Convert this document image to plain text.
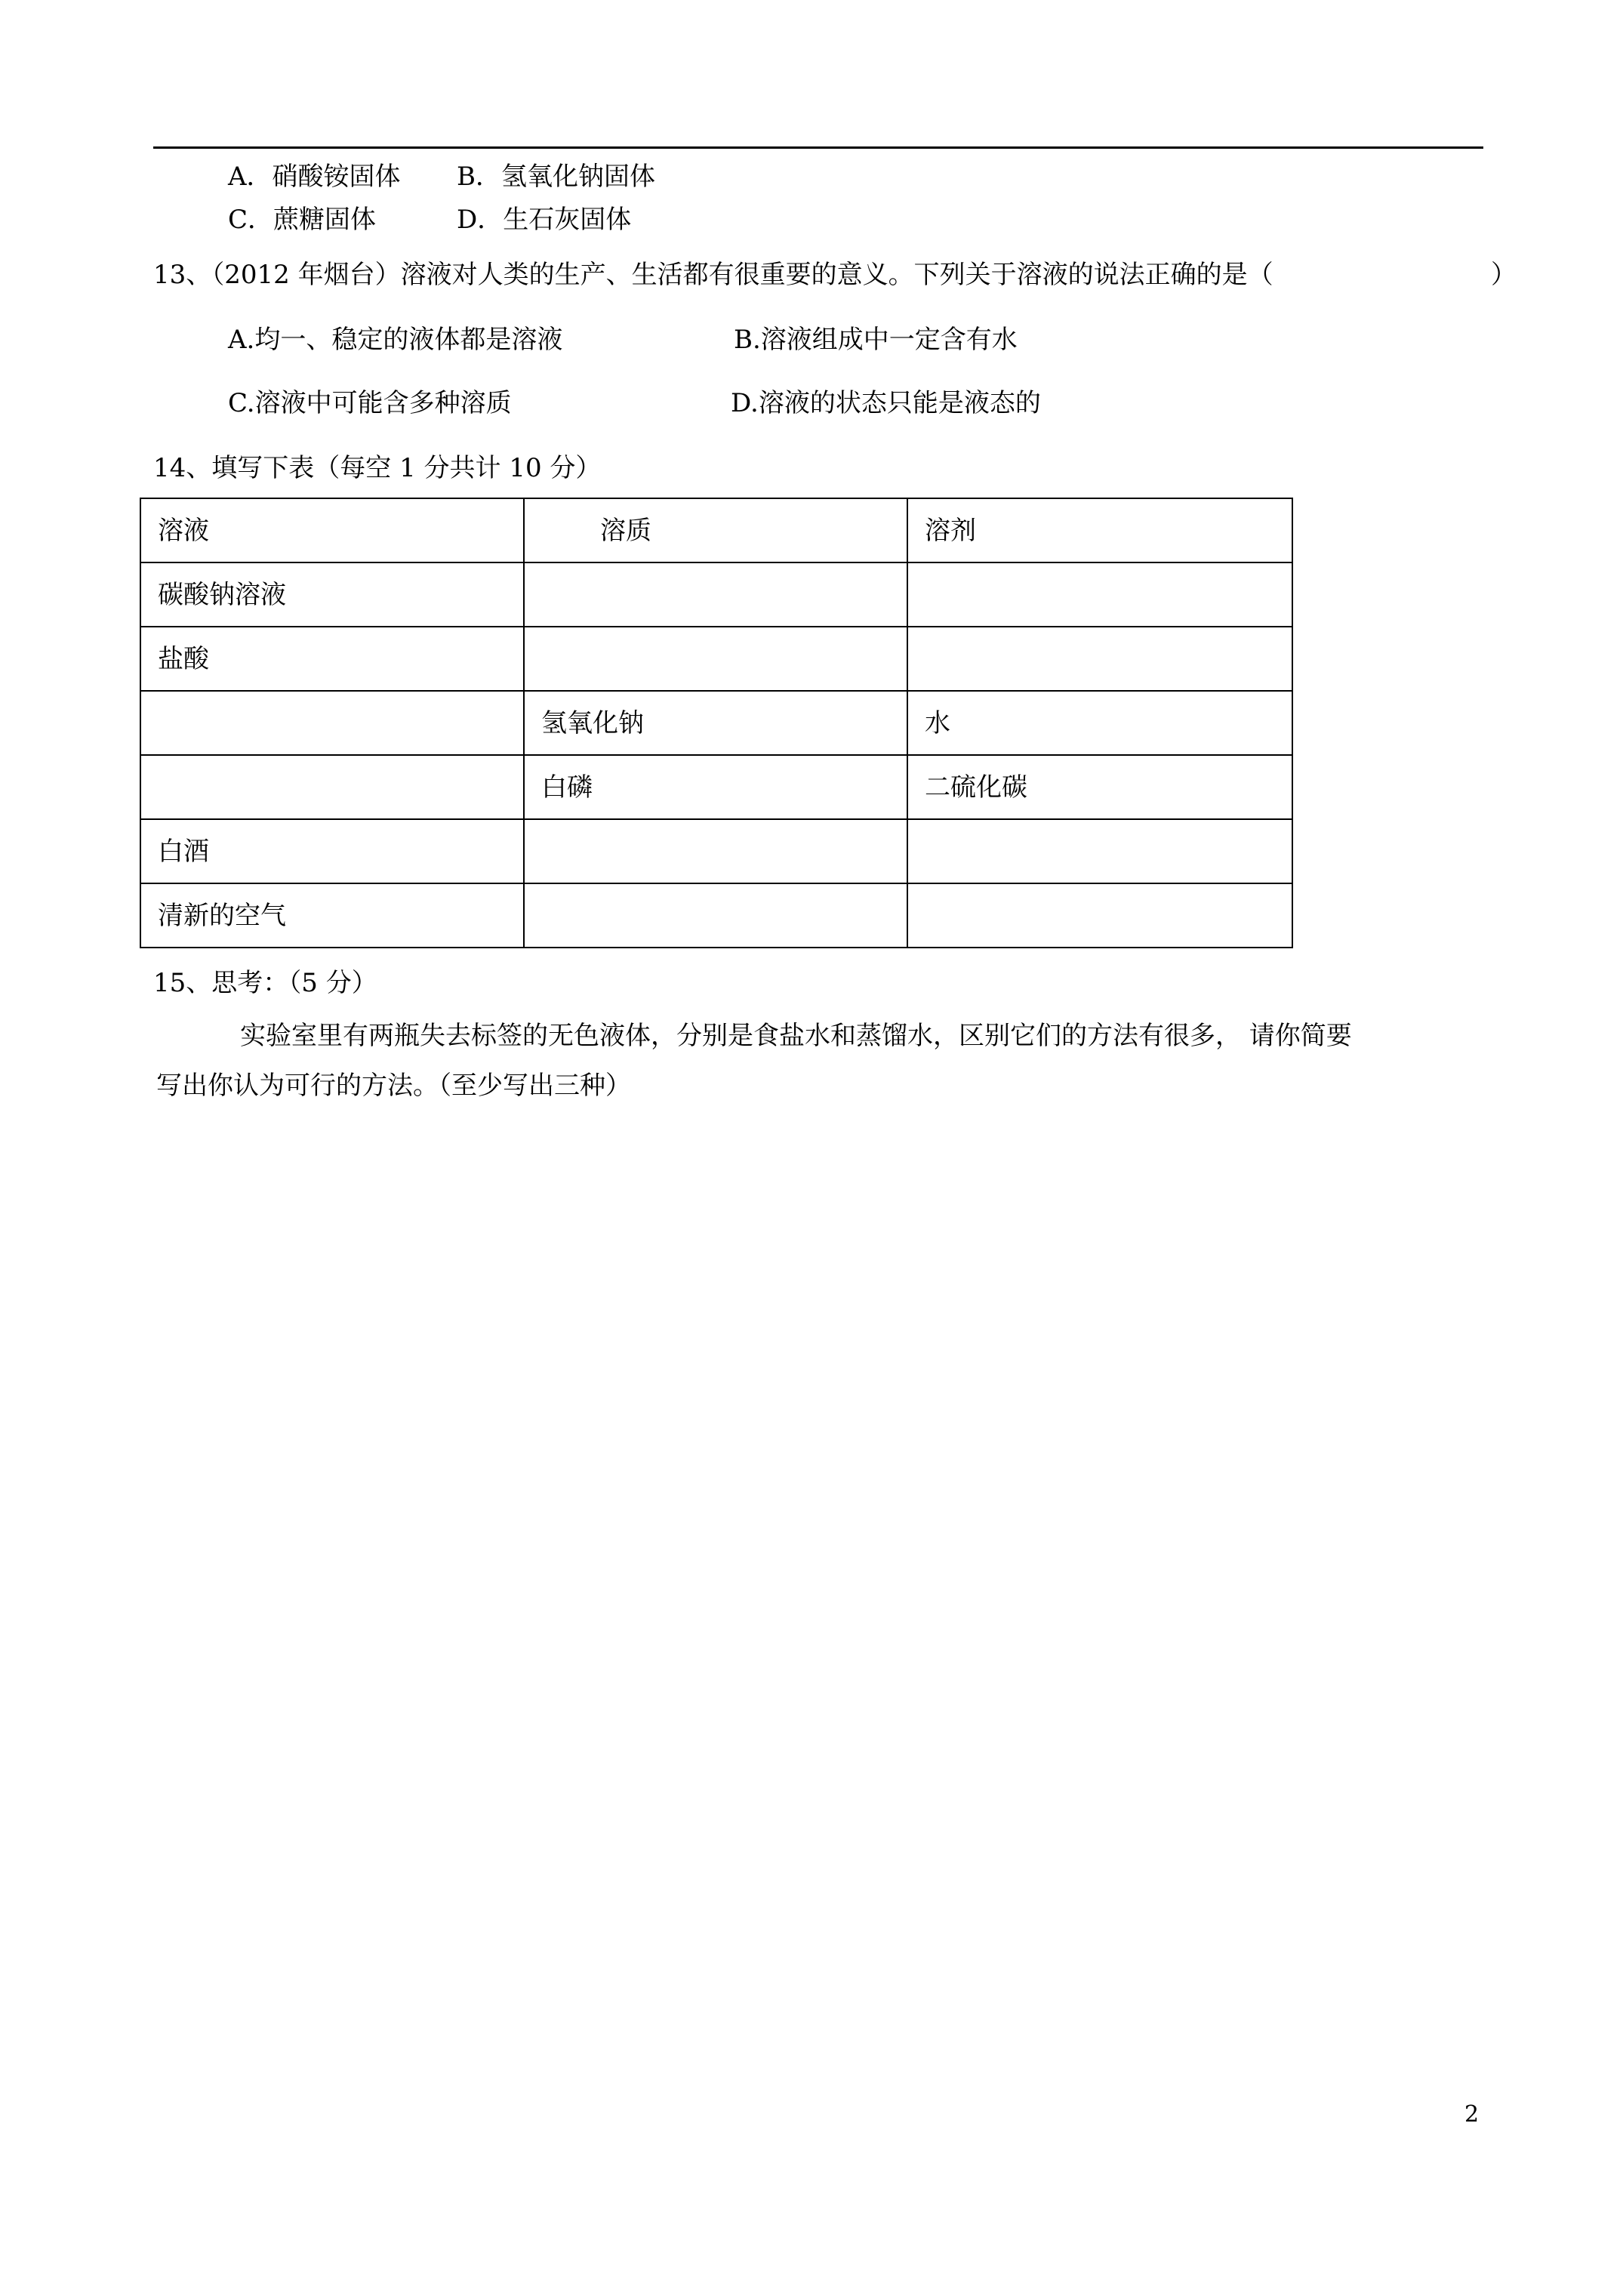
A．硝酸铵固体 B．氢氧化钠固体
C．蔗糖固体	D．生石灰固体
13、（2012 年烟台）溶液对人类的生产、生活都有很重要的意义。下列关于溶液的说法正确的是（	）
A.均一、稳定的液体都是溶液	B.溶液组成中一定含有水
C.溶液中可能含多种溶质	D.溶液的状态只能是液态的
14、填写下表（每空 1 分共计 10 分）
溶液	溶质	溶剂
碳酸钠溶液		
盐酸		
	氢氧化钠	水
	白磷	二硫化碳
白酒		
清新的空气		
15、思考：（5 分）
实验室里有两瓶失去标签的无色液体，分别是食盐水和蒸馏水，区别它们的方法有很多， 请你简要
写出你认为可行的方法。（至少写出三种）
2
